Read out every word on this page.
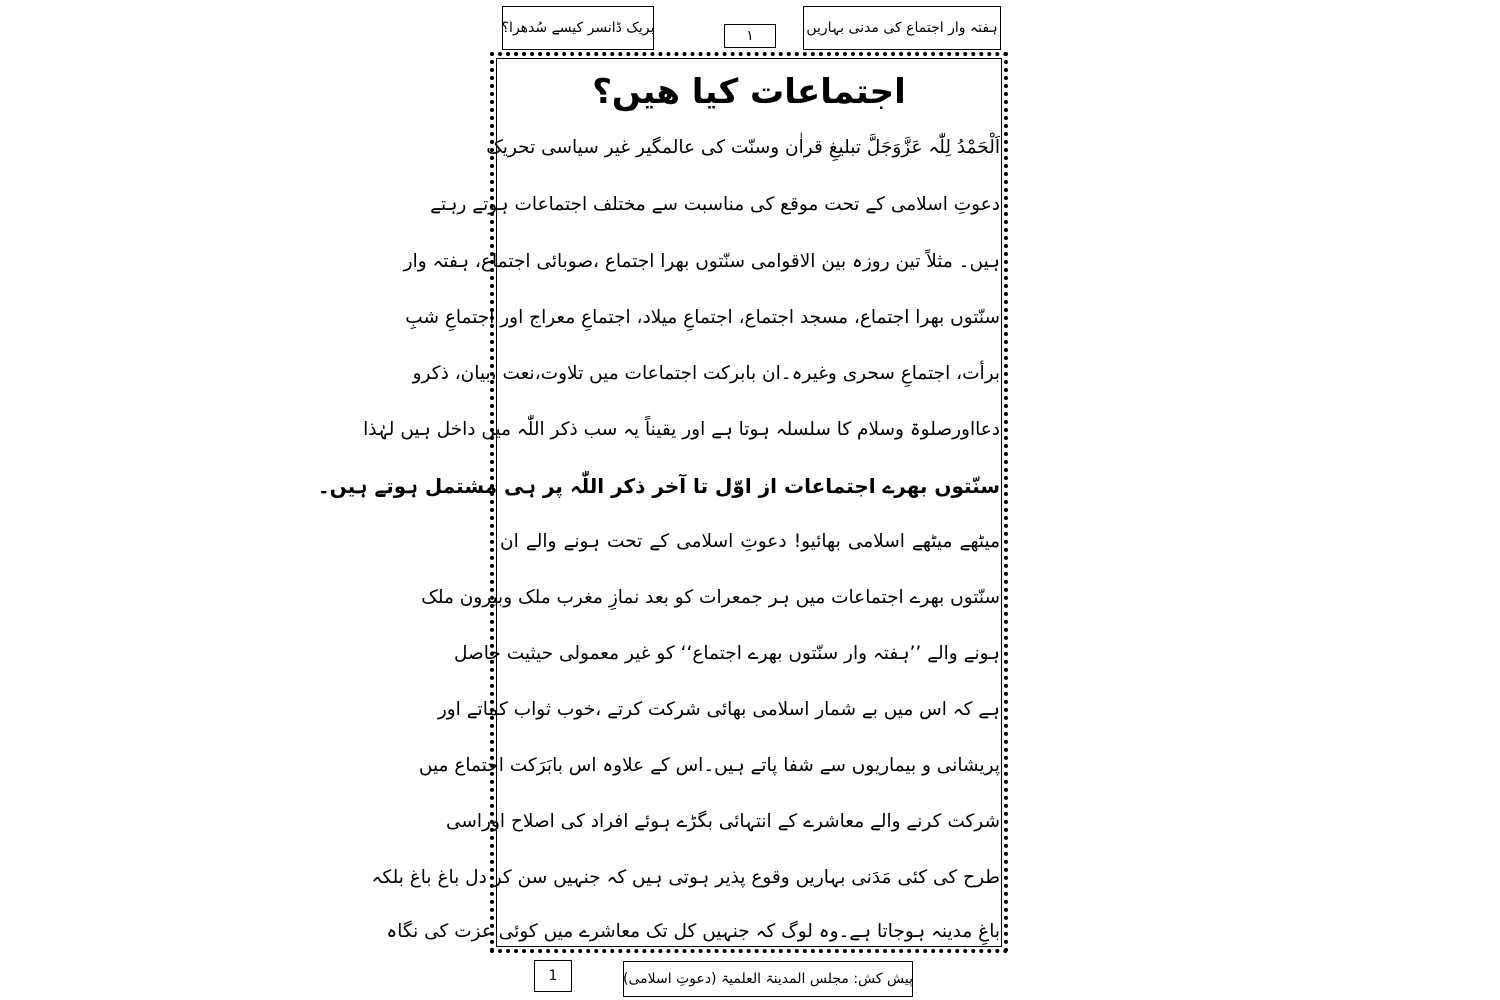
ہفتہ وار اجتماع کی مدنی بہاریں
۱
بریک ڈانسر کیسے سُدھرا؟
اجتماعات کیا ھیں؟
اَلْحَمْدُ لِلّٰہ عَزَّوَجَلَّ تبلیغِ قراٰن وسنّت کی عالمگیر غیر سیاسی تحریک
دعوتِ اسلامی کے تحت موقع کی مناسبت سے مختلف اجتماعات ہوتے رہتے
ہیں۔ مثلاً تین روزہ بین الاقوامی سنّتوں بھرا اجتماع ،صوبائی اجتماع، ہفتہ وار
سنّتوں بھرا اجتماع، مسجد اجتماع، اجتماعِ میلاد، اجتماعِ معراج اور اجتماعِ شبِ
برأت، اجتماعِ سحری وغیرہ۔ان بابرکت اجتماعات میں تلاوت،نعت ،بیان، ذکرو
دعااورصلوۃ وسلام کا سلسلہ ہوتا ہے اور یقیناً یہ سب ذکر اللّٰہ میں داخل ہیں لہٰذا
سنّتوں بھرے اجتماعات از اوّل تا آخر ذکر اللّٰہ پر ہی مشتمل ہوتے ہیں۔
میٹھے میٹھے اسلامی بھائیو! دعوتِ اسلامی کے تحت ہونے والے ان
سنّتوں بھرے اجتماعات میں ہر جمعرات کو بعد نمازِ مغرب ملک وبیرون ملک
ہونے والے ’’ہفتہ وار سنّتوں بھرے اجتماع‘‘ کو غیر معمولی حیثیت حاصل
ہے کہ اس میں بے شمار اسلامی بھائی شرکت کرتے ،خوب ثواب کماتے اور
پریشانی و بیماریوں سے شفا پاتے ہیں۔اس کے علاوہ اس بابَرَکت اجتماع میں
شرکت کرنے والے معاشرے کے انتہائی بگڑے ہوئے افراد کی اصلاح اوراسی
طرح کی کئی مَدَنی بہاریں وقوع پذیر ہوتی ہیں کہ جنہیں سن کر دل باغ باغ بلکہ
باغِ مدینہ ہوجاتا ہے۔وہ لوگ کہ جنہیں کل تک معاشرے میں کوئی عزت کی نگاہ
1	پیش کش: مجلس المدینۃ العلمیۃ (دعوتِ اسلامی)
